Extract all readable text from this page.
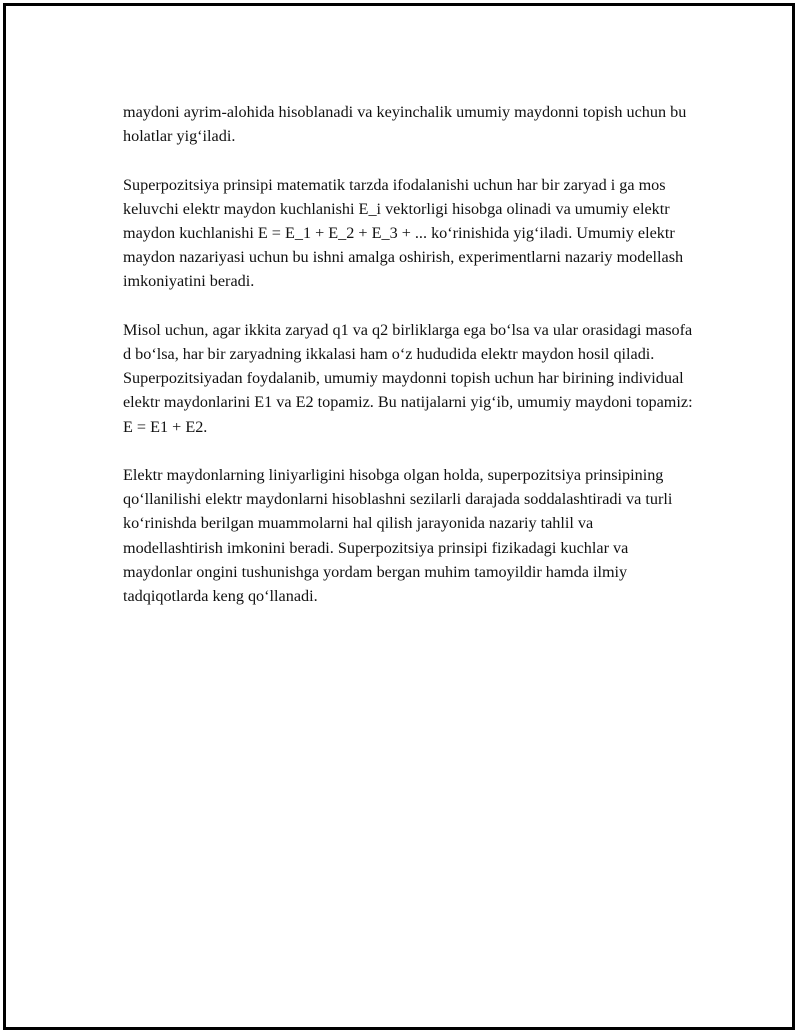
maydoni ayrim-alohida hisoblanadi va keyinchalik umumiy maydonni topish uchun bu holatlar yig‘iladi.

Superpozitsiya prinsipi matematik tarzda ifodalanishi uchun har bir zaryad i ga mos keluvchi elektr maydon kuchlanishi E_i vektorligi hisobga olinadi va umumiy elektr maydon kuchlanishi E = E_1 + E_2 + E_3 + ... ko‘rinishida yig‘iladi. Umumiy elektr maydon nazariyasi uchun bu ishni amalga oshirish, experimentlarni nazariy modellash imkoniyatini beradi.

Misol uchun, agar ikkita zaryad q1 va q2 birliklarga ega bo‘lsa va ular orasidagi masofa d bo‘lsa, har bir zaryadning ikkalasi ham o‘z hududida elektr maydon hosil qiladi. Superpozitsiyadan foydalanib, umumiy maydonni topish uchun har birining individual elektr maydonlarini E1 va E2 topamiz. Bu natijalarni yig‘ib, umumiy maydoni topamiz: E = E1 + E2.

Elektr maydonlarning liniyarligini hisobga olgan holda, superpozitsiya prinsipining qo‘llanilishi elektr maydonlarni hisoblashni sezilarli darajada soddalashtiradi va turli ko‘rinishda berilgan muammolarni hal qilish jarayonida nazariy tahlil va modellashtirish imkonini beradi. Superpozitsiya prinsipi fizikadagi kuchlar va maydonlar ongini tushunishga yordam bergan muhim tamoyildir hamda ilmiy tadqiqotlarda keng qo‘llanadi.
